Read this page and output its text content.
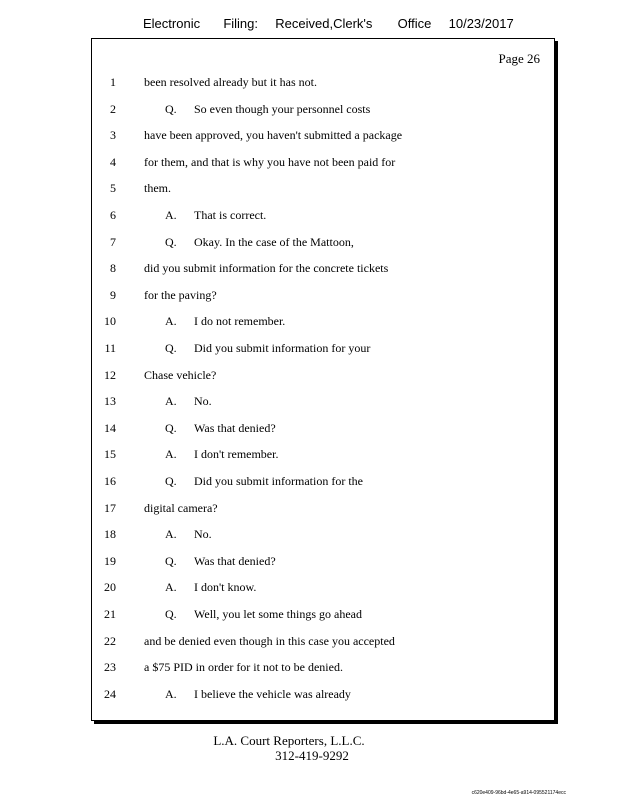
Electronic Filing: Received,Clerk's Office 10/23/2017
Page 26
1 been resolved already but it has not.
2	Q. So even though your personnel costs
3 have been approved, you haven't submitted a package
4 for them, and that is why you have not been paid for
5 them.
6	A. That is correct.
7	Q. Okay. In the case of the Mattoon,
8 did you submit information for the concrete tickets
9 for the paving?
10	A. I do not remember.
11	Q. Did you submit information for your
12 Chase vehicle?
13	A. No.
14	Q. Was that denied?
15	A. I don't remember.
16	Q. Did you submit information for the
17 digital camera?
18	A. No.
19	Q. Was that denied?
20	A. I don't know.
21	Q. Well, you let some things go ahead
22 and be denied even though in this case you accepted
23 a $75 PID in order for it not to be denied.
24	A. I believe the vehicle was already
L.A. Court Reporters, L.L.C.
312-419-9292
c620e409-96bd-4e65-a914-095521174ecc
